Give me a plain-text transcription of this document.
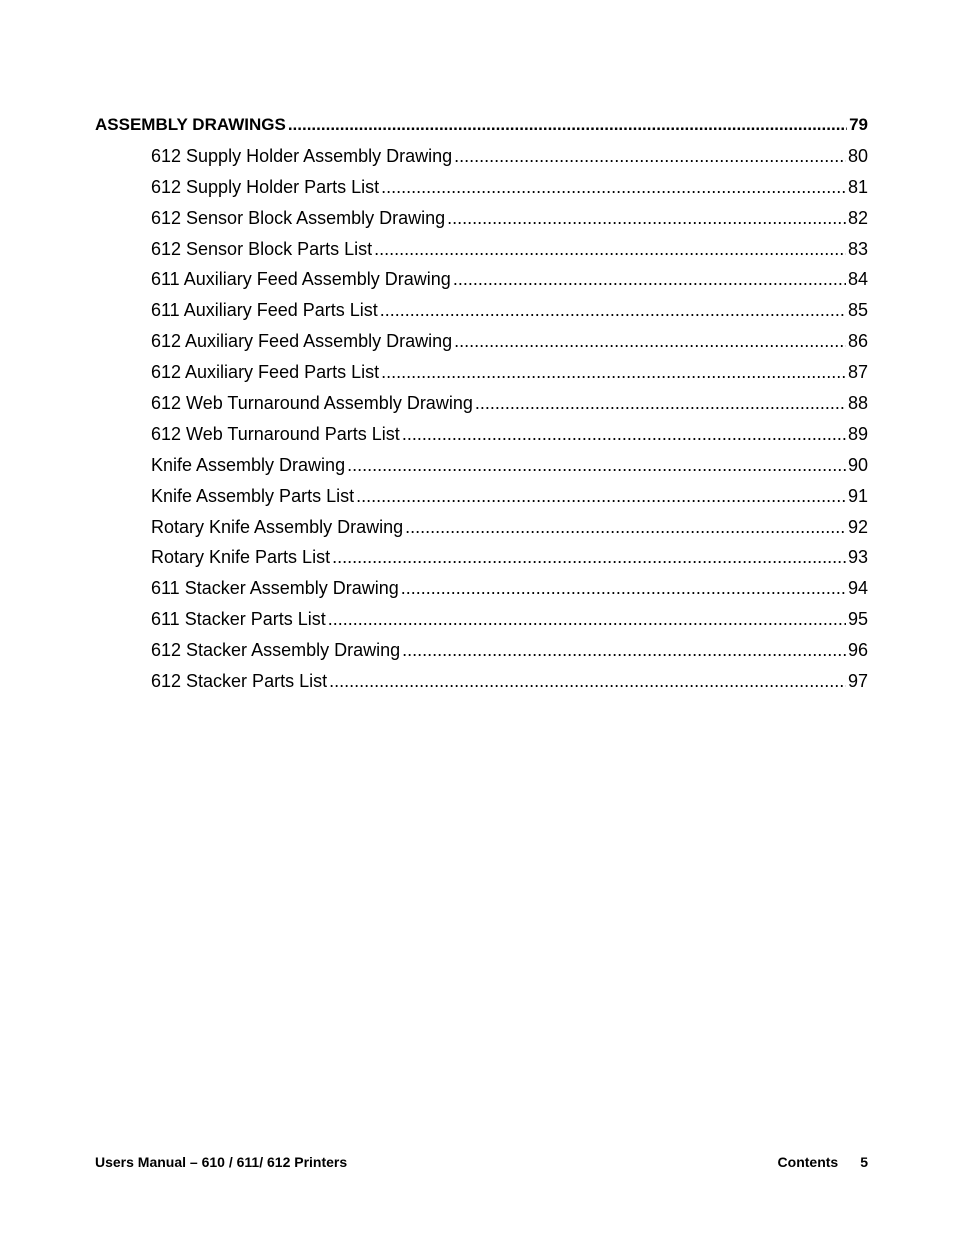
ASSEMBLY DRAWINGS .....	79
612 Supply Holder Assembly Drawing .....	80
612 Supply Holder Parts List .....	81
612 Sensor Block Assembly Drawing .....	82
612 Sensor Block Parts List .....	83
611 Auxiliary Feed Assembly Drawing .....	84
611 Auxiliary Feed Parts List .....	85
612 Auxiliary Feed Assembly Drawing .....	86
612 Auxiliary Feed Parts List .....	87
612 Web Turnaround Assembly Drawing .....	88
612 Web Turnaround Parts List .....	89
Knife Assembly Drawing .....	90
Knife Assembly Parts List .....	91
Rotary Knife Assembly Drawing .....	92
Rotary Knife Parts List .....	93
611 Stacker Assembly Drawing .....	94
611 Stacker Parts List .....	95
612 Stacker Assembly Drawing .....	96
612 Stacker Parts List .....	97
Users Manual – 610 / 611/ 612 Printers	Contents 5
